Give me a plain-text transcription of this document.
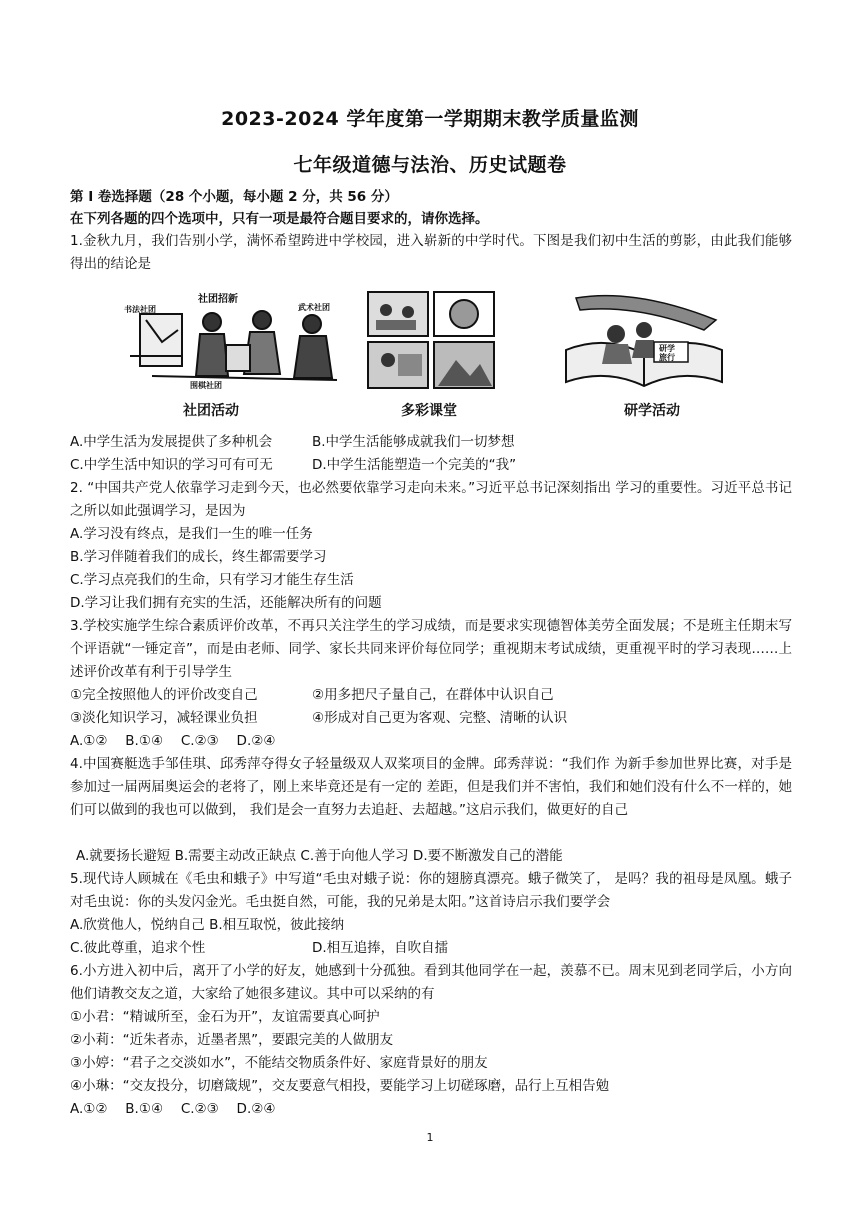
2023-2024 学年度第一学期期末教学质量监测
七年级道德与法治、历史试题卷
第 I 卷选择题（28 个小题，每小题 2 分，共 56 分）
在下列各题的四个选项中，只有一项是最符合题目要求的，请你选择。
1.金秋九月，我们告别小学，满怀希望跨进中学校园，进入崭新的中学时代。下图是我们初中生活的剪影，由此我们能够得出的结论是
社团招新
书法社团	武术社团
围棋社团
研学
旅行
社团活动	多彩课堂	研学活动
A.中学生活为发展提供了多种机会	B.中学生活能够成就我们一切梦想
C.中学生活中知识的学习可有可无	D.中学生活能塑造一个完美的“我”
2. “中国共产党人依靠学习走到今天，也必然要依靠学习走向未来。”习近平总书记深刻指出 学习的重要性。习近平总书记之所以如此强调学习，是因为
A.学习没有终点，是我们一生的唯一任务
B.学习伴随着我们的成长，终生都需要学习
C.学习点亮我们的生命，只有学习才能生存生活
D.学习让我们拥有充实的生活，还能解决所有的问题
3.学校实施学生综合素质评价改革，不再只关注学生的学习成绩，而是要求实现德智体美劳全面发展；不是班主任期末写个评语就“一锤定音”，而是由老师、同学、家长共同来评价每位同学；重视期末考试成绩，更重视平时的学习表现……上述评价改革有利于引导学生
①完全按照他人的评价改变自己	②用多把尺子量自己，在群体中认识自己
③淡化知识学习，减轻课业负担	④形成对自己更为客观、完整、清晰的认识
A.①②　 B.①④　 C.②③　 D.②④
4.中国赛艇选手邹佳琪、邱秀萍夺得女子轻量级双人双桨项目的金牌。邱秀萍说：“我们作 为新手参加世界比赛，对手是参加过一届两届奥运会的老将了，刚上来毕竟还是有一定的 差距，但是我们并不害怕，我们和她们没有什么不一样的，她们可以做到的我也可以做到， 我们是会一直努力去追赶、去超越。”这启示我们，做更好的自己
A.就要扬长避短 B.需要主动改正缺点 C.善于向他人学习 D.要不断激发自己的潜能
5.现代诗人顾城在《毛虫和蛾子》中写道“毛虫对蛾子说：你的翅膀真漂亮。蛾子微笑了， 是吗？我的祖母是凤凰。蛾子对毛虫说：你的头发闪金光。毛虫挺自然，可能，我的兄弟是太阳。”这首诗启示我们要学会
A.欣赏他人，悦纳自己 B.相互取悦，彼此接纳
C.彼此尊重，追求个性	D.相互追捧，自吹自擂
6.小方进入初中后，离开了小学的好友，她感到十分孤独。看到其他同学在一起，羡慕不已。周末见到老同学后，小方向他们请教交友之道，大家给了她很多建议。其中可以采纳的有
①小君：“精诚所至，金石为开”，友谊需要真心呵护
②小莉：“近朱者赤，近墨者黑”，要跟完美的人做朋友
③小婷：“君子之交淡如水”，不能结交物质条件好、家庭背景好的朋友
④小琳：“交友投分，切磨箴规”，交友要意气相投，要能学习上切磋琢磨，品行上互相告勉
A.①②　 B.①④　 C.②③　 D.②④
1
